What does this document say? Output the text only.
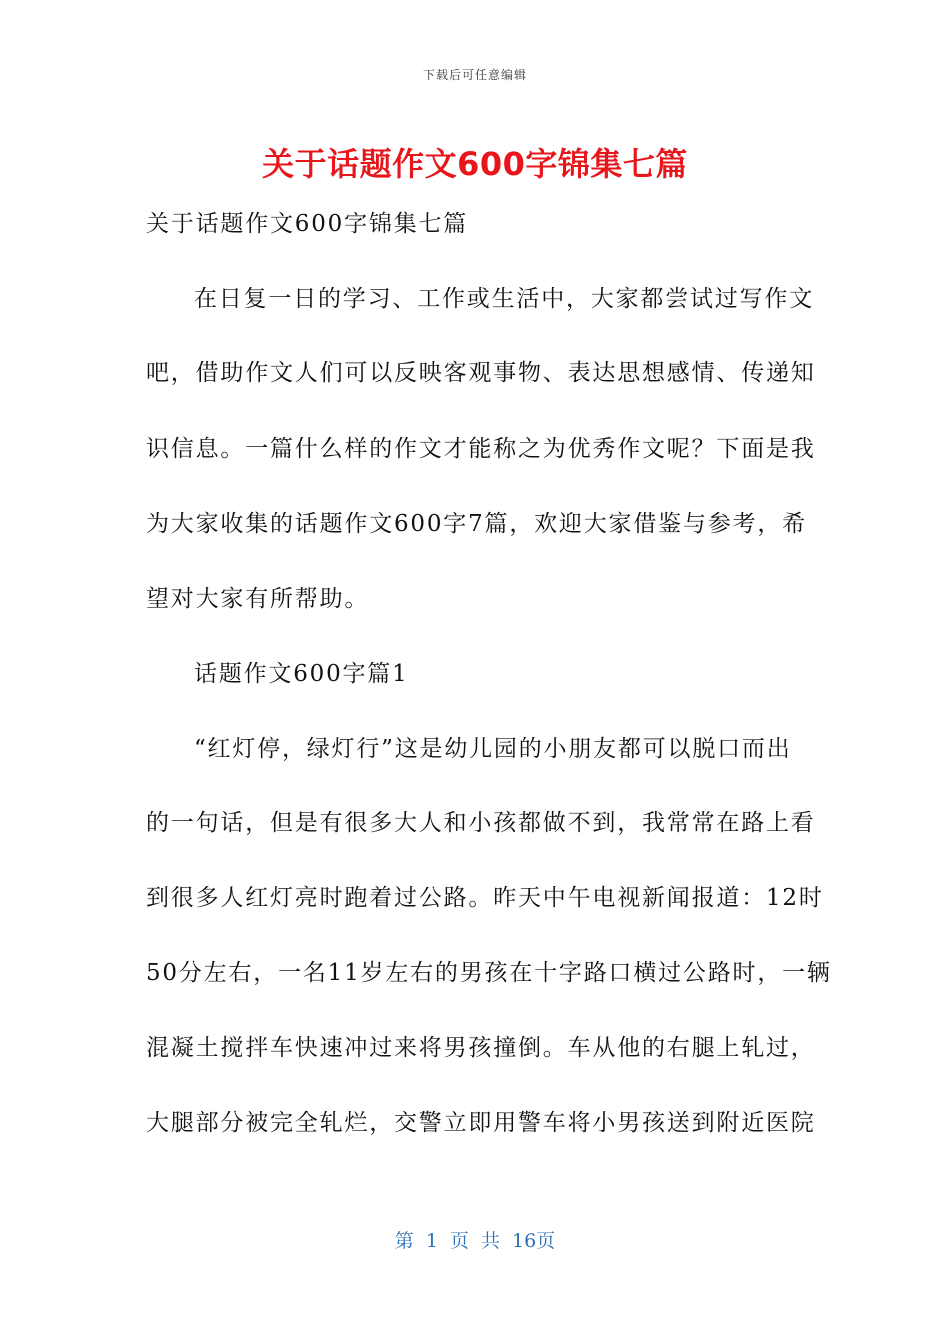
下载后可任意编辑
关于话题作文600字锦集七篇
关于话题作文600字锦集七篇
在日复一日的学习、工作或生活中，大家都尝试过写作文
吧，借助作文人们可以反映客观事物、表达思想感情、传递知
识信息。一篇什么样的作文才能称之为优秀作文呢？下面是我
为大家收集的话题作文600字7篇，欢迎大家借鉴与参考，希
望对大家有所帮助。
话题作文600字篇1
“红灯停，绿灯行”这是幼儿园的小朋友都可以脱口而出
的一句话，但是有很多大人和小孩都做不到，我常常在路上看
到很多人红灯亮时跑着过公路。昨天中午电视新闻报道：12时
50分左右，一名11岁左右的男孩在十字路口横过公路时，一辆
混凝土搅拌车快速冲过来将男孩撞倒。车从他的右腿上轧过，
大腿部分被完全轧烂，交警立即用警车将小男孩送到附近医院
第 1 页 共 16页
